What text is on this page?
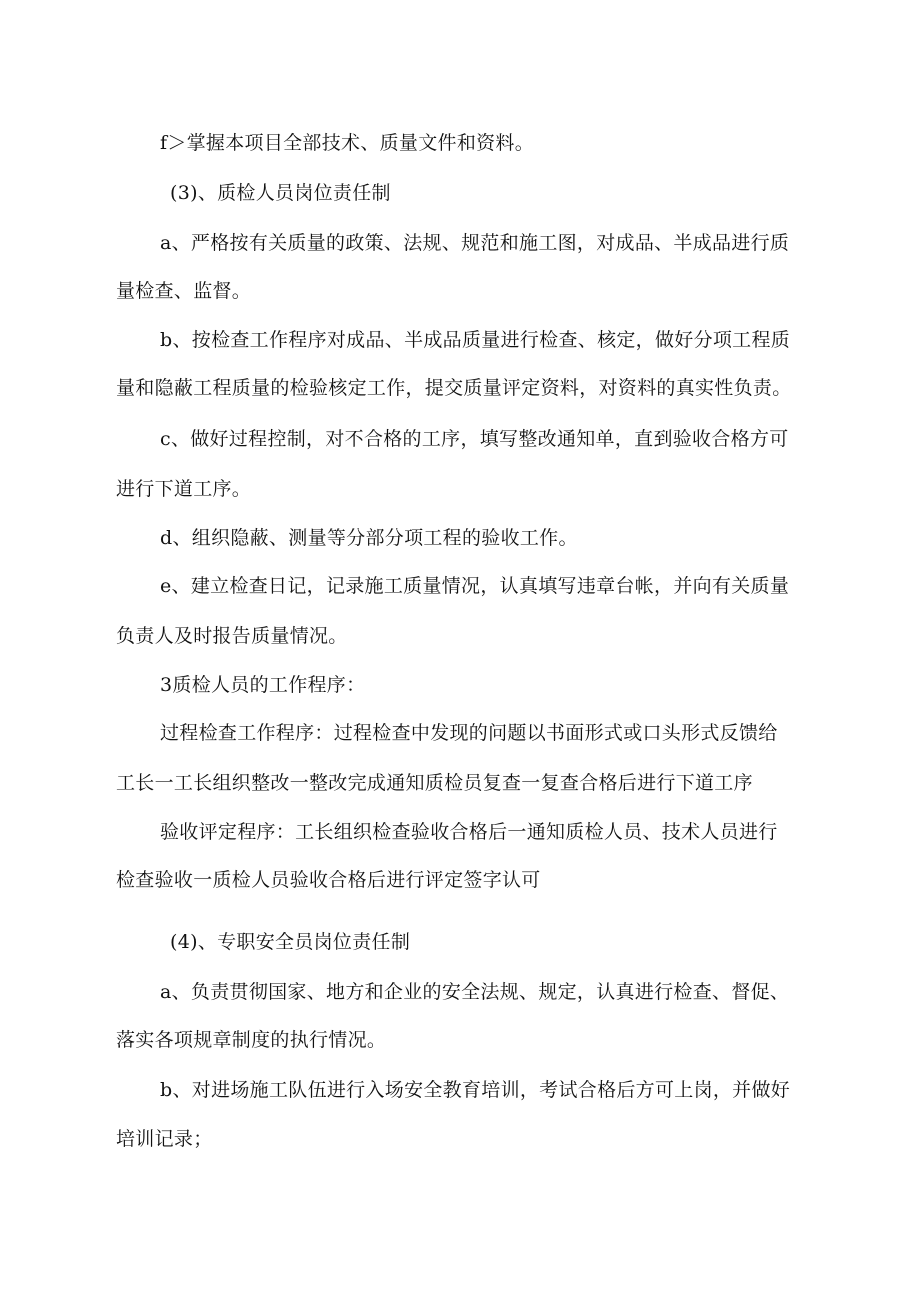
f＞掌握本项目全部技术、质量文件和资料。
(3)、质检人员岗位责任制
a、严格按有关质量的政策、法规、规范和施工图，对成品、半成品进行质
量检查、监督。
b、按检查工作程序对成品、半成品质量进行检查、核定，做好分项工程质
量和隐蔽工程质量的检验核定工作，提交质量评定资料，对资料的真实性负责。
c、做好过程控制，对不合格的工序，填写整改通知单，直到验收合格方可
进行下道工序。
d、组织隐蔽、测量等分部分项工程的验收工作。
e、建立检查日记，记录施工质量情况，认真填写违章台帐，并向有关质量
负责人及时报告质量情况。
3质检人员的工作程序：
过程检查工作程序：过程检查中发现的问题以书面形式或口头形式反馈给
工长一工长组织整改一整改完成通知质检员复查一复查合格后进行下道工序
验收评定程序：工长组织检查验收合格后一通知质检人员、技术人员进行
检查验收一质检人员验收合格后进行评定签字认可
(4)、专职安全员岗位责任制
a、负责贯彻国家、地方和企业的安全法规、规定，认真进行检查、督促、
落实各项规章制度的执行情况。
b、对进场施工队伍进行入场安全教育培训，考试合格后方可上岗，并做好
培训记录；
